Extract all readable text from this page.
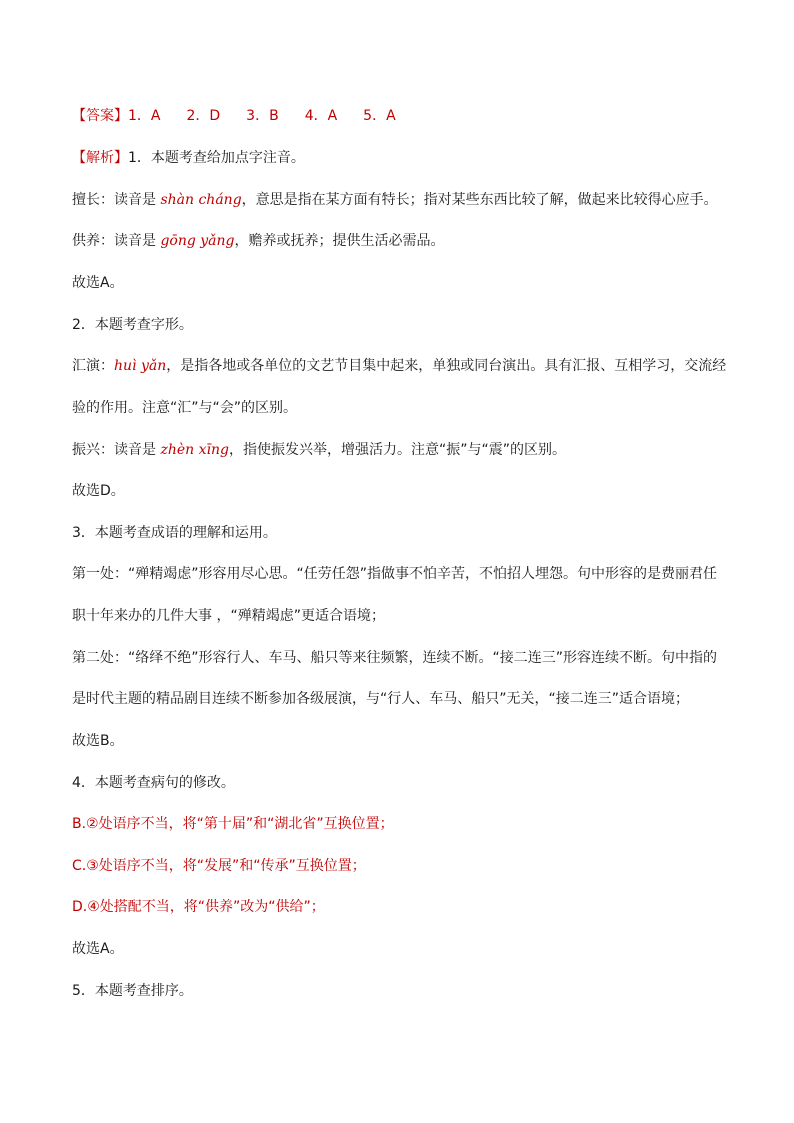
【答案】1．A 2．D 3．B 4．A 5．A
【解析】1．本题考查给加点字注音。
擅长：读音是 shàn cháng，意思是指在某方面有特长；指对某些东西比较了解，做起来比较得心应手。
供养：读音是 gōng yǎng，赡养或抚养；提供生活必需品。
故选A。
2．本题考查字形。
汇演：huì yǎn，是指各地或各单位的文艺节目集中起来，单独或同台演出。具有汇报、互相学习，交流经
验的作用。注意“汇”与“会”的区别。
振兴：读音是 zhèn xīng，指使振发兴举，增强活力。注意“振”与“震”的区别。
故选D。
3．本题考查成语的理解和运用。
第一处：“殚精竭虑”形容用尽心思。“任劳任怨”指做事不怕辛苦，不怕招人埋怨。句中形容的是费丽君任
职十年来办的几件大事 ，“殚精竭虑”更适合语境；
第二处：“络绎不绝”形容行人、车马、船只等来往频繁，连续不断。“接二连三”形容连续不断。句中指的
是时代主题的精品剧目连续不断参加各级展演，与“行人、车马、船只”无关，“接二连三”适合语境；
故选B。
4．本题考查病句的修改。
B.②处语序不当，将“第十届”和“湖北省”互换位置；
C.③处语序不当，将“发展”和“传承”互换位置；
D.④处搭配不当，将“供养”改为“供给”；
故选A。
5．本题考查排序。
